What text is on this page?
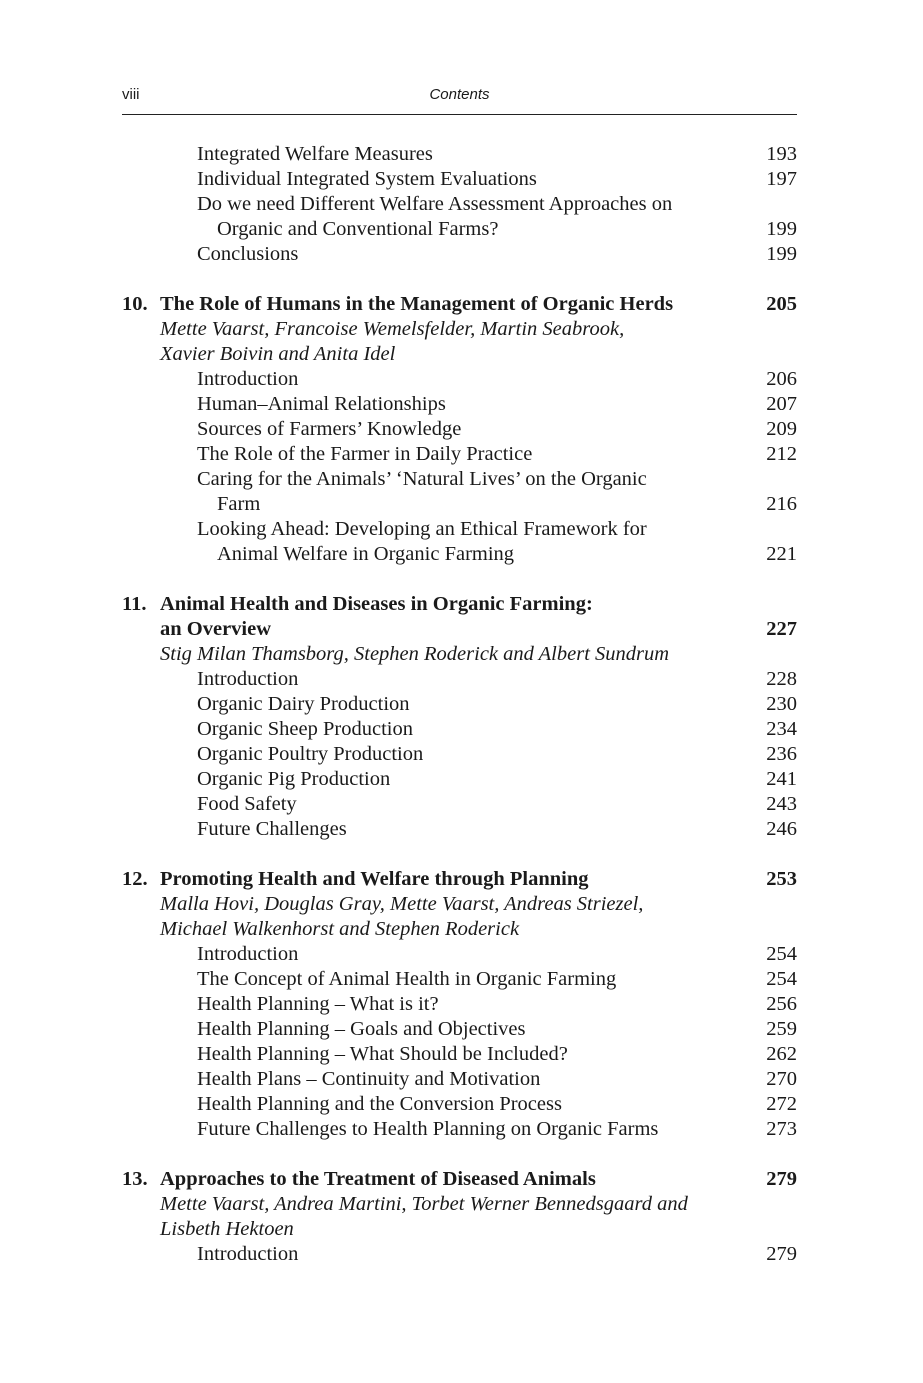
viii	Contents
Integrated Welfare Measures	193
Individual Integrated System Evaluations	197
Do we need Different Welfare Assessment Approaches on
Organic and Conventional Farms?	199
Conclusions	199
10. The Role of Humans in the Management of Organic Herds	205
Mette Vaarst, Francoise Wemelsfelder, Martin Seabrook,
Xavier Boivin and Anita Idel
Introduction	206
Human–Animal Relationships	207
Sources of Farmers’ Knowledge	209
The Role of the Farmer in Daily Practice	212
Caring for the Animals’ ‘Natural Lives’ on the Organic
Farm	216
Looking Ahead: Developing an Ethical Framework for
Animal Welfare in Organic Farming	221
11. Animal Health and Diseases in Organic Farming:
an Overview	227
Stig Milan Thamsborg, Stephen Roderick and Albert Sundrum
Introduction	228
Organic Dairy Production	230
Organic Sheep Production	234
Organic Poultry Production	236
Organic Pig Production	241
Food Safety	243
Future Challenges	246
12. Promoting Health and Welfare through Planning	253
Malla Hovi, Douglas Gray, Mette Vaarst, Andreas Striezel,
Michael Walkenhorst and Stephen Roderick
Introduction	254
The Concept of Animal Health in Organic Farming	254
Health Planning – What is it?	256
Health Planning – Goals and Objectives	259
Health Planning – What Should be Included?	262
Health Plans – Continuity and Motivation	270
Health Planning and the Conversion Process	272
Future Challenges to Health Planning on Organic Farms	273
13. Approaches to the Treatment of Diseased Animals	279
Mette Vaarst, Andrea Martini, Torbet Werner Bennedsgaard and
Lisbeth Hektoen
Introduction	279
